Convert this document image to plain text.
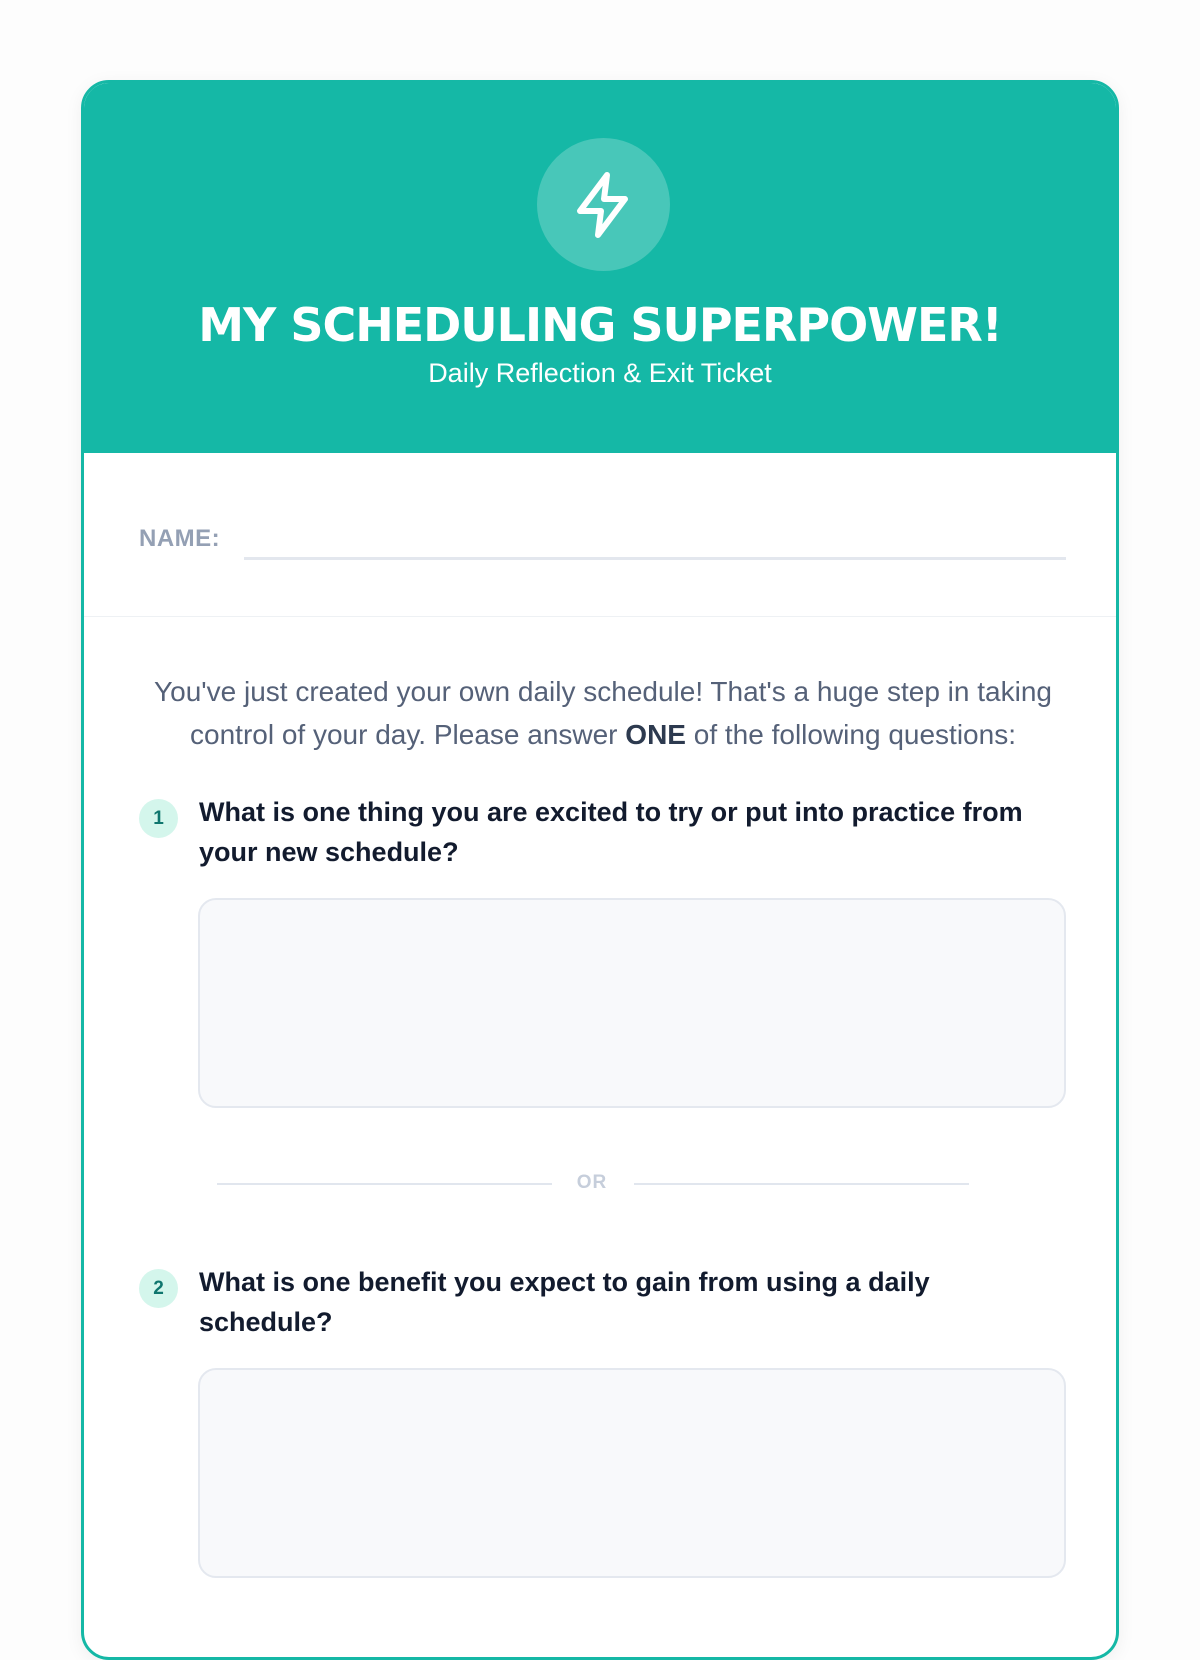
MY SCHEDULING SUPERPOWER!
Daily Reflection & Exit Ticket
NAME:
You've just created your own daily schedule! That's a huge step in taking control of your day. Please answer ONE of the following questions:
1	What is one thing you are excited to try or put into practice from your new schedule?
OR
2	What is one benefit you expect to gain from using a daily schedule?
